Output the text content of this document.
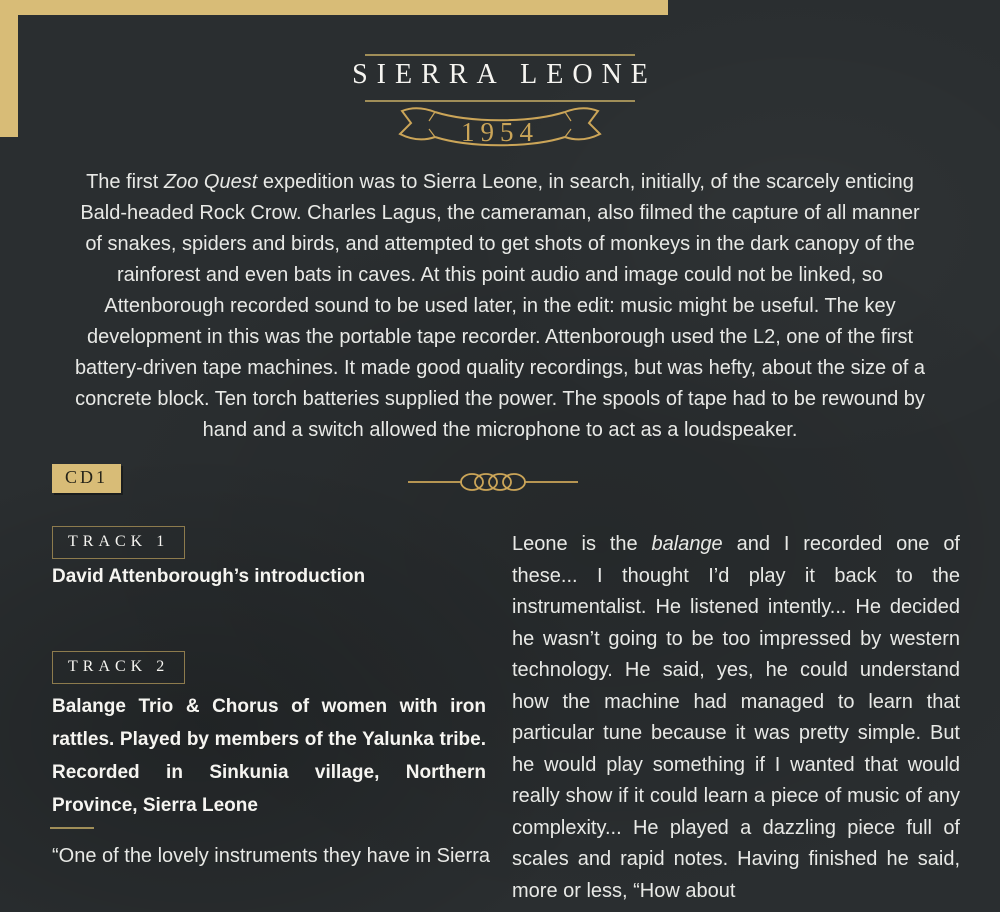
SIERRA LEONE
1954

The first Zoo Quest expedition was to Sierra Leone, in search, initially, of the scarcely enticing Bald-headed Rock Crow. Charles Lagus, the cameraman, also filmed the capture of all manner of snakes, spiders and birds, and attempted to get shots of monkeys in the dark canopy of the rainforest and even bats in caves. At this point audio and image could not be linked, so Attenborough recorded sound to be used later, in the edit: music might be useful. The key development in this was the portable tape recorder. Attenborough used the L2, one of the first battery-driven tape machines. It made good quality recordings, but was hefty, about the size of a concrete block. Ten torch batteries supplied the power. The spools of tape had to be rewound by hand and a switch allowed the microphone to act as a loudspeaker.

CD1
TRACK 1

David Attenborough’s introduction

TRACK 2

Balange Trio & Chorus of women with iron rattles. Played by members of the Yalunka tribe. Recorded in Sinkunia village, Northern Province, Sierra Leone

“One of the lovely instruments they have in Sierra

Leone is the balange and I recorded one of these... I thought I’d play it back to the instrumentalist. He listened intently... He decided he wasn’t going to be too impressed by western technology. He said, yes, he could understand how the machine had managed to learn that particular tune because it was pretty simple. But he would play something if I wanted that would really show if it could learn a piece of music of any complexity... He played a dazzling piece full of scales and rapid notes. Having finished he said, more or less, “How about
